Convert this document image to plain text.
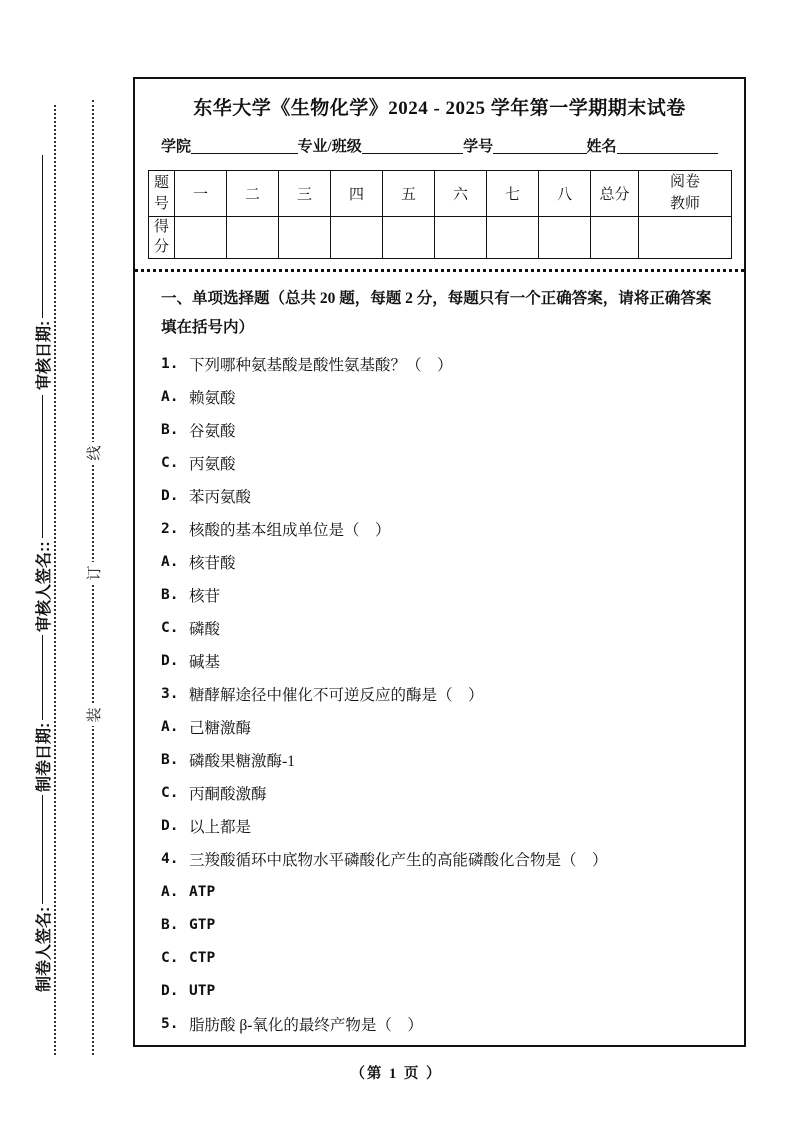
审核日期:
审核人签名::
制卷日期:
制卷人签名:
线
订
装
东华大学《生物化学》2024 - 2025 学年第一学期期末试卷
学院	专业/班级	学号	姓名
题号	一	二	三	四	五	六	七	八	总分	阅卷教师
得分										
一、单项选择题（总共 20 题，每题 2 分，每题只有一个正确答案，请将正确答案填在括号内）
1. 下列哪种氨基酸是酸性氨基酸？（　）
A. 赖氨酸
B. 谷氨酸
C. 丙氨酸
D. 苯丙氨酸
2. 核酸的基本组成单位是（　）
A. 核苷酸
B. 核苷
C. 磷酸
D. 碱基
3. 糖酵解途径中催化不可逆反应的酶是（　）
A. 己糖激酶
B. 磷酸果糖激酶-1
C. 丙酮酸激酶
D. 以上都是
4. 三羧酸循环中底物水平磷酸化产生的高能磷酸化合物是（　）
A. ATP
B. GTP
C. CTP
D. UTP
5. 脂肪酸 β-氧化的最终产物是（　）
（第 1 页 ）
